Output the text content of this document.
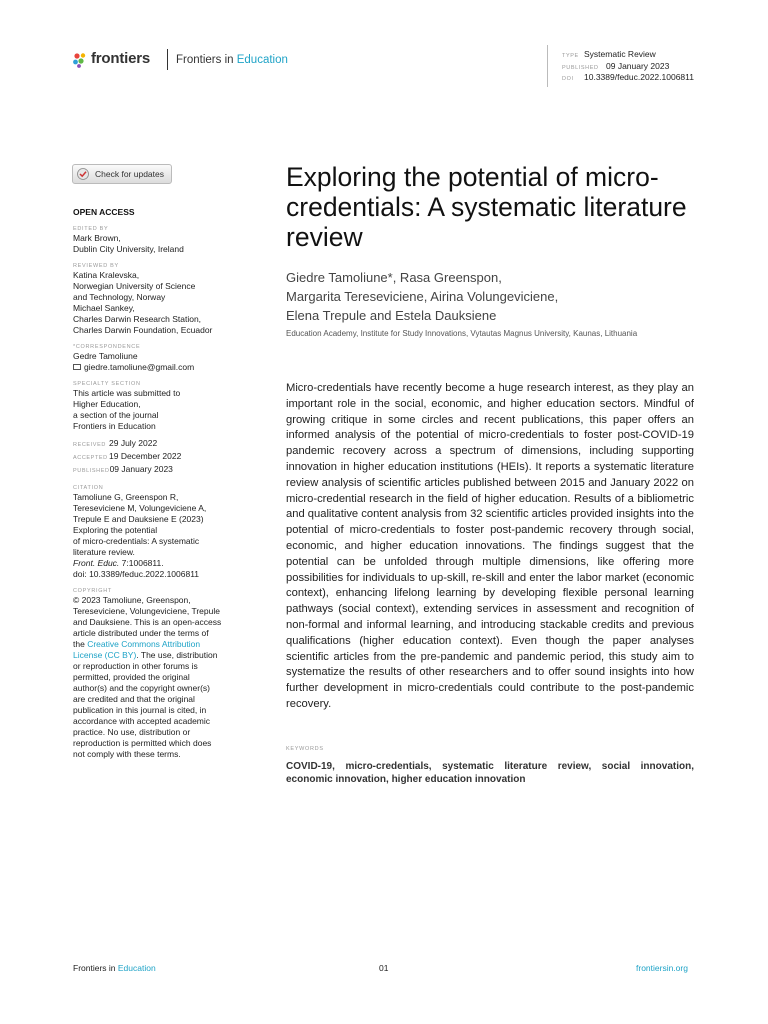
frontiers Frontiers in Education	TYPE Systematic Review
PUBLISHED 09 January 2023
DOI 10.3389/feduc.2022.1006811
Check for updates
OPEN ACCESS
EDITED BY
Mark Brown,
Dublin City University, Ireland
REVIEWED BY
Katina Kralevska,
Norwegian University of Science
and Technology, Norway
Michael Sankey,
Charles Darwin Research Station,
Charles Darwin Foundation, Ecuador
*CORRESPONDENCE
Gedre Tamoliune
giedre.tamoliune@gmail.com
SPECIALTY SECTION
This article was submitted to
Higher Education,
a section of the journal
Frontiers in Education
RECEIVED 29 July 2022
ACCEPTED19 December 2022
PUBLISHED09 January 2023
CITATION
Tamoliune G, Greenspon R,
Tereseviciene M, Volungeviciene A,
Trepule E and Dauksiene E (2023)
Exploring the potential
of micro-credentials: A systematic
literature review.
Front. Educ. 7:1006811.
doi: 10.3389/feduc.2022.1006811
COPYRIGHT
© 2023 Tamoliune, Greenspon,
Tereseviciene, Volungeviciene, Trepule
and Dauksiene. This is an open-access
article distributed under the terms of
the Creative Commons Attribution
License (CC BY). The use, distribution
or reproduction in other forums is
permitted, provided the original
author(s) and the copyright owner(s)
are credited and that the original
publication in this journal is cited, in
accordance with accepted academic
practice. No use, distribution or
reproduction is permitted which does
not comply with these terms.
Exploring the potential of micro-credentials: A systematic literature review
Giedre Tamoliune*, Rasa Greenspon,
Margarita Tereseviciene, Airina Volungeviciene,
Elena Trepule and Estela Dauksiene
Education Academy, Institute for Study Innovations, Vytautas Magnus University, Kaunas, Lithuania
Micro-credentials have recently become a huge research interest, as they play an important role in the social, economic, and higher education sectors. Mindful of growing critique in some circles and recent publications, this paper offers an informed analysis of the potential of micro-credentials to foster post-COVID-19 pandemic recovery across a spectrum of dimensions, including supporting innovation in higher education institutions (HEIs). It reports a systematic literature review analysis of scientific articles published between 2015 and January 2022 on micro-credential research in the field of higher education. Results of a bibliometric and qualitative content analysis from 32 scientific articles provided insights into the potential of micro-credentials to foster post-pandemic recovery through social, economic, and higher education innovations. The findings suggest that the potential can be unfolded through multiple dimensions, like offering more possibilities for individuals to up-skill, re-skill and enter the labor market (economic context), enhancing lifelong learning by developing flexible personal learning pathways (social context), extending services in assessment and recognition of non-formal and informal learning, and introducing stackable credits and previous qualifications (higher education context). Even though the paper analyses scientific articles from the pre-pandemic and pandemic period, this study aim to systematize the results of other researchers and to offer sound insights into how further development in micro-credentials could contribute to the post-pandemic recovery.
KEYWORDS
COVID-19, micro-credentials, systematic literature review, social innovation, economic innovation, higher education innovation
Frontiers in Education	01	frontiersin.org
